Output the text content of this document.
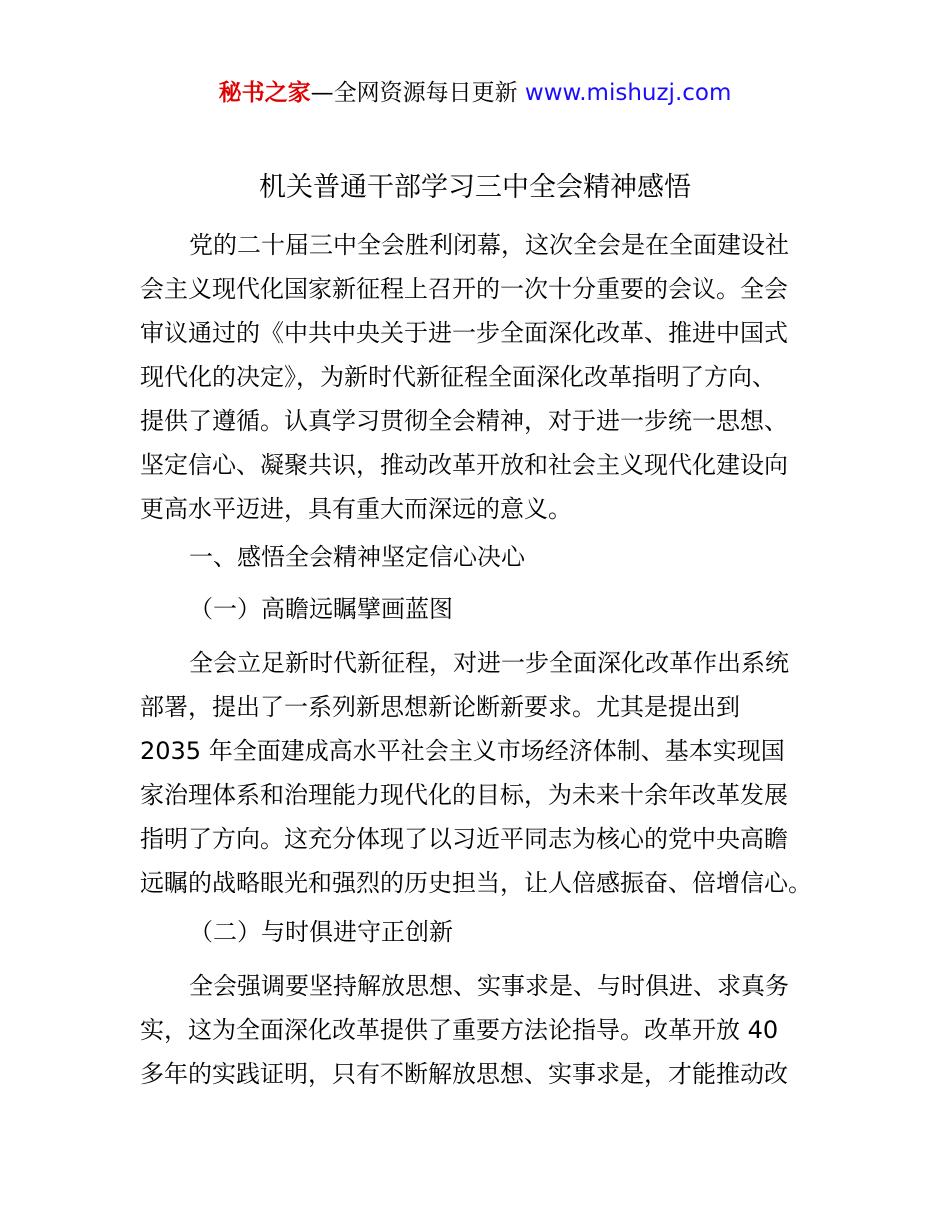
秘书之家—全网资源每日更新 www.mishuzj.com
机关普通干部学习三中全会精神感悟
党的二十届三中全会胜利闭幕，这次全会是在全面建设社
会主义现代化国家新征程上召开的一次十分重要的会议。全会
审议通过的《中共中央关于进一步全面深化改革、推进中国式
现代化的决定》，为新时代新征程全面深化改革指明了方向、
提供了遵循。认真学习贯彻全会精神，对于进一步统一思想、
坚定信心、凝聚共识，推动改革开放和社会主义现代化建设向
更高水平迈进，具有重大而深远的意义。
一、感悟全会精神坚定信心决心
（一）高瞻远瞩擘画蓝图
全会立足新时代新征程，对进一步全面深化改革作出系统
部署，提出了一系列新思想新论断新要求。尤其是提出到
2035 年全面建成高水平社会主义市场经济体制、基本实现国
家治理体系和治理能力现代化的目标，为未来十余年改革发展
指明了方向。这充分体现了以习近平同志为核心的党中央高瞻
远瞩的战略眼光和强烈的历史担当，让人倍感振奋、倍增信心。
（二）与时俱进守正创新
全会强调要坚持解放思想、实事求是、与时俱进、求真务
实，这为全面深化改革提供了重要方法论指导。改革开放 40
多年的实践证明，只有不断解放思想、实事求是，才能推动改
